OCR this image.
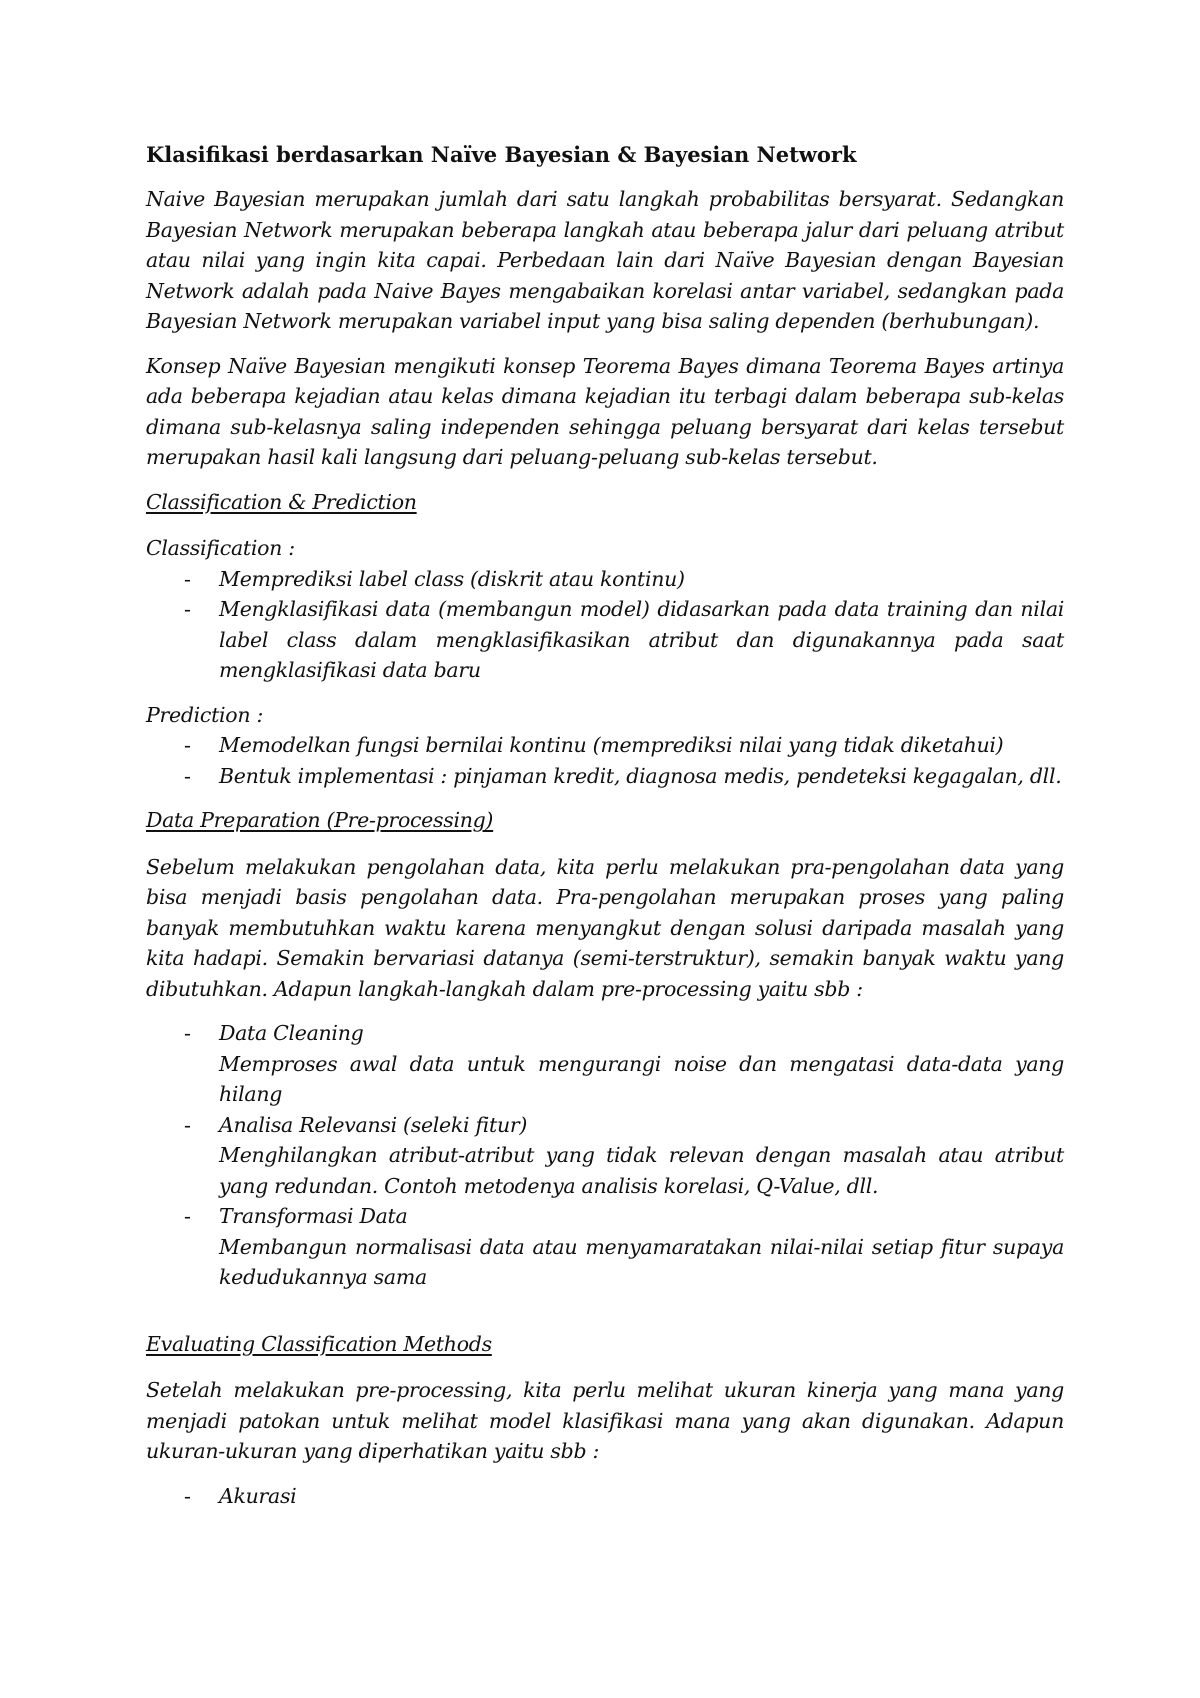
Klasifikasi berdasarkan Naïve Bayesian & Bayesian Network

Naive Bayesian merupakan jumlah dari satu langkah probabilitas bersyarat. Sedangkan Bayesian Network merupakan beberapa langkah atau beberapa jalur dari peluang atribut atau nilai yang ingin kita capai. Perbedaan lain dari Naïve Bayesian dengan Bayesian Network adalah pada Naive Bayes mengabaikan korelasi antar variabel, sedangkan pada Bayesian Network merupakan variabel input yang bisa saling dependen (berhubungan).

Konsep Naïve Bayesian mengikuti konsep Teorema Bayes dimana Teorema Bayes artinya ada beberapa kejadian atau kelas dimana kejadian itu terbagi dalam beberapa sub-kelas dimana sub-kelasnya saling independen sehingga peluang bersyarat dari kelas tersebut merupakan hasil kali langsung dari peluang-peluang sub-kelas tersebut.

Classification & Prediction
Classification :
- Memprediksi label class (diskrit atau kontinu)
- Mengklasifikasi data (membangun model) didasarkan pada data training dan nilai label class dalam mengklasifikasikan atribut dan digunakannya pada saat mengklasifikasi data baru
Prediction :
- Memodelkan fungsi bernilai kontinu (memprediksi nilai yang tidak diketahui)
- Bentuk implementasi : pinjaman kredit, diagnosa medis, pendeteksi kegagalan, dll.
Data Preparation (Pre-processing)

Sebelum melakukan pengolahan data, kita perlu melakukan pra-pengolahan data yang bisa menjadi basis pengolahan data. Pra-pengolahan merupakan proses yang paling banyak membutuhkan waktu karena menyangkut dengan solusi daripada masalah yang kita hadapi. Semakin bervariasi datanya (semi-terstruktur), semakin banyak waktu yang dibutuhkan. Adapun langkah-langkah dalam pre-processing yaitu sbb :

- Data Cleaning
Memproses awal data untuk mengurangi noise dan mengatasi data-data yang hilang
- Analisa Relevansi (seleki fitur)
Menghilangkan atribut-atribut yang tidak relevan dengan masalah atau atribut yang redundan. Contoh metodenya analisis korelasi, Q-Value, dll.
- Transformasi Data
Membangun normalisasi data atau menyamaratakan nilai-nilai setiap fitur supaya kedudukannya sama
Evaluating Classification Methods

Setelah melakukan pre-processing, kita perlu melihat ukuran kinerja yang mana yang menjadi patokan untuk melihat model klasifikasi mana yang akan digunakan. Adapun ukuran-ukuran yang diperhatikan yaitu sbb :

- Akurasi
